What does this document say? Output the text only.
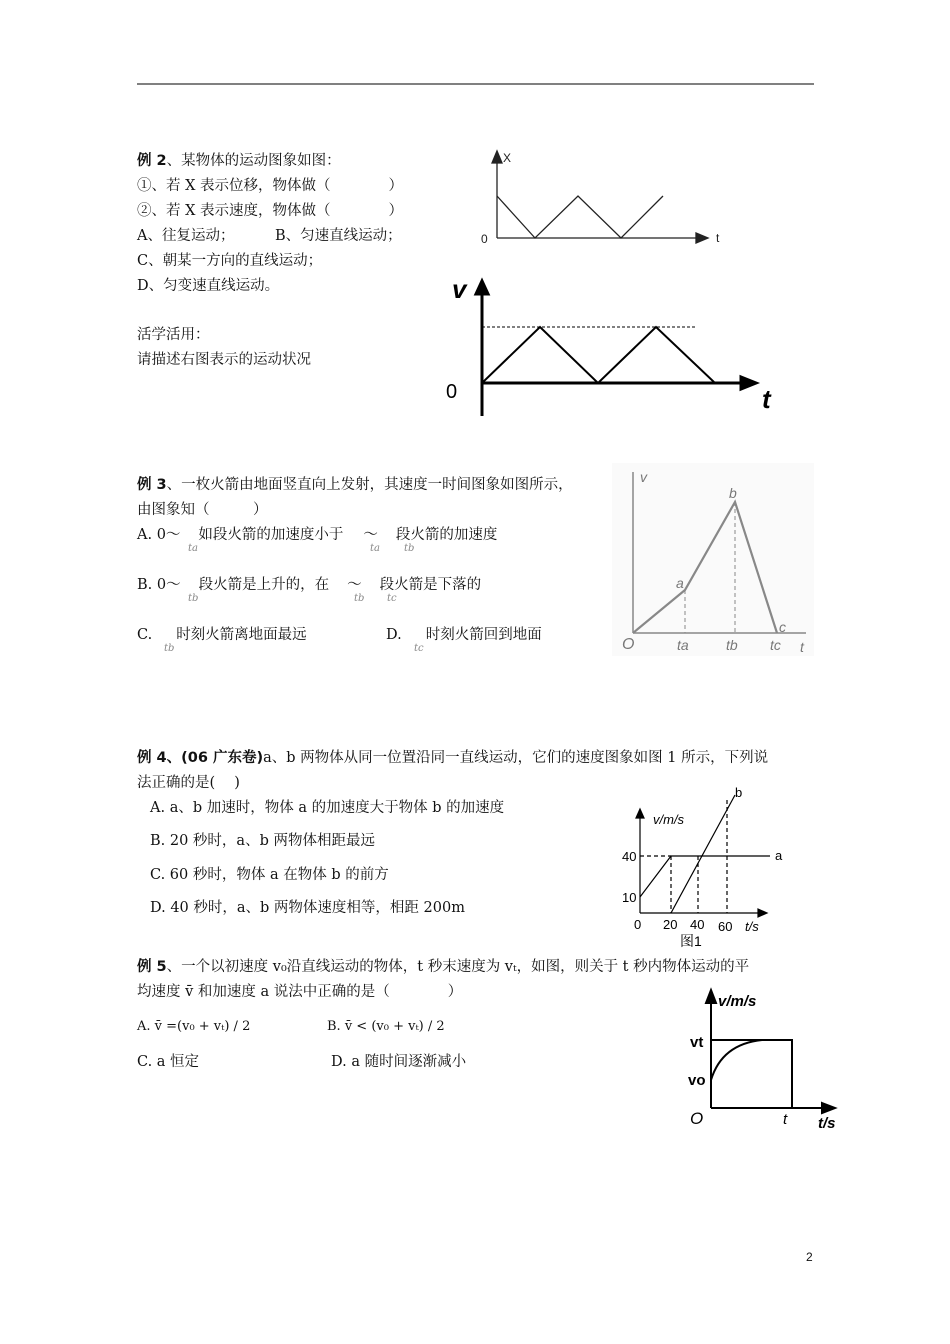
X
0	t
v
0	t
v
t
O
a
b
c
ta	tb tc
v/m/s
40
10
0 20 40 60 t/s
a
b
图1
v/m/s
vt
vo
O	t t/s
例 2、某物体的运动图象如图：
①、若 X 表示位移，物体做（　　　　）
②、若 X 表示速度，物体做（　　　　）
A、往复运动；	B、匀速直线运动；
C、朝某一方向的直线运动；
D、匀变速直线运动。
活学活用：
请描述右图表示的运动状况
例 3、一枚火箭由地面竖直向上发射，其速度一时间图象如图所示，
由图象知（　　　）
A. 0～ 如段火箭的加速度小于 ～ 段火箭的加速度
ta	ta tb
B. 0～ 段火箭是上升的，在 ～ 段火箭是下落的
tb	tb tc
C. 时刻火箭离地面最远
tb
D. 时刻火箭回到地面
tc
例 4、(06 广东卷)a、b 两物体从同一位置沿同一直线运动，它们的速度图象如图 1 所示，下列说
法正确的是(　 )
A. a、b 加速时，物体 a 的加速度大于物体 b 的加速度
B. 20 秒时，a、b 两物体相距最远
C. 60 秒时，物体 a 在物体 b 的前方
D. 40 秒时，a、b 两物体速度相等，相距 200m
例 5、一个以初速度 v₀沿直线运动的物体，t 秒末速度为 vₜ，如图，则关于 t 秒内物体运动的平
均速度 v̄ 和加速度 a 说法中正确的是（　　　　）
A. v̄ =(v₀ + vₜ) / 2	B. v̄ < (v₀ + vₜ) / 2
C. a 恒定	D. a 随时间逐渐减小
2
